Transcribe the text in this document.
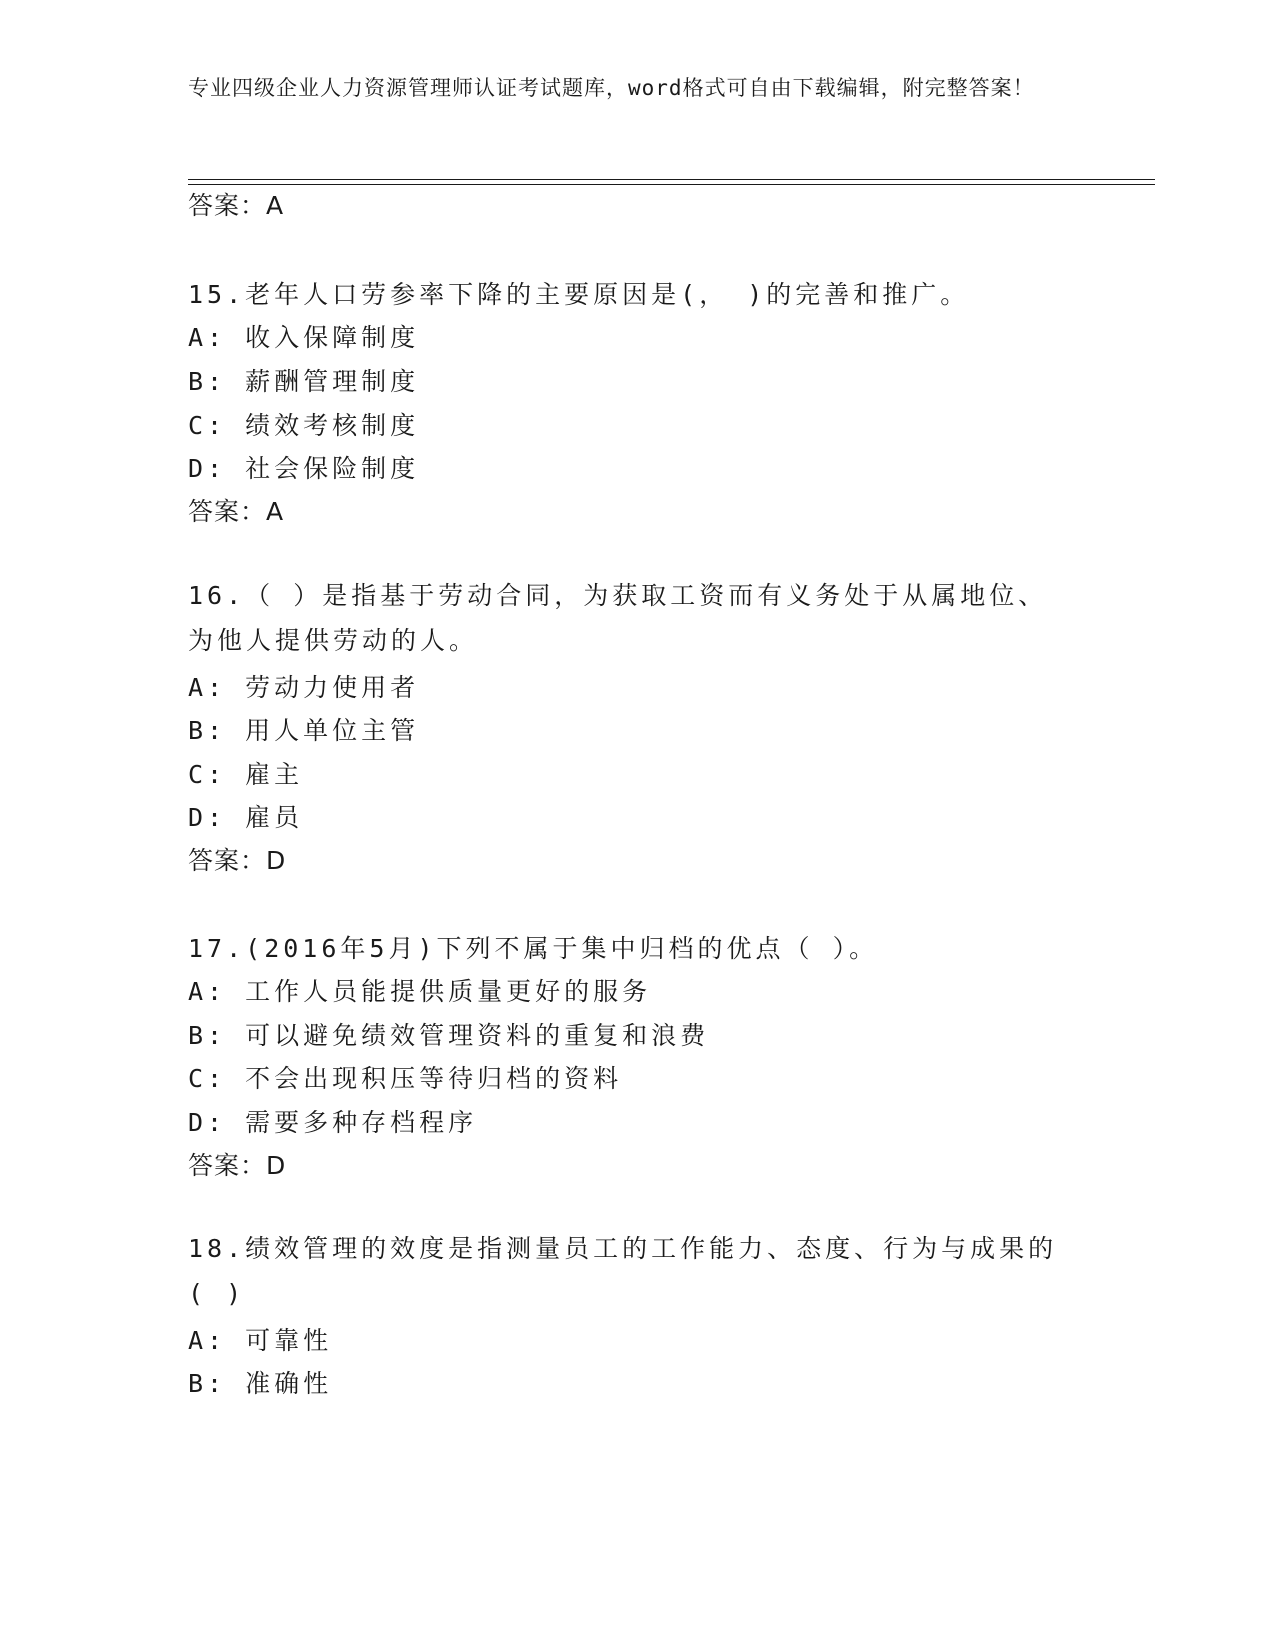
专业四级企业人力资源管理师认证考试题库，word格式可自由下载编辑，附完整答案！
答案：A
15.老年人口劳参率下降的主要原因是(， )的完善和推广。
A: 收入保障制度
B: 薪酬管理制度
C: 绩效考核制度
D: 社会保险制度
答案：A
16.（ ）是指基于劳动合同，为获取工资而有义务处于从属地位、为他人提供劳动的人。
A: 劳动力使用者
B: 用人单位主管
C: 雇主
D: 雇员
答案：D
17.(2016年5月)下列不属于集中归档的优点（ ）。
A: 工作人员能提供质量更好的服务
B: 可以避免绩效管理资料的重复和浪费
C: 不会出现积压等待归档的资料
D: 需要多种存档程序
答案：D
18.绩效管理的效度是指测量员工的工作能力、态度、行为与成果的( )
A: 可靠性
B: 准确性
